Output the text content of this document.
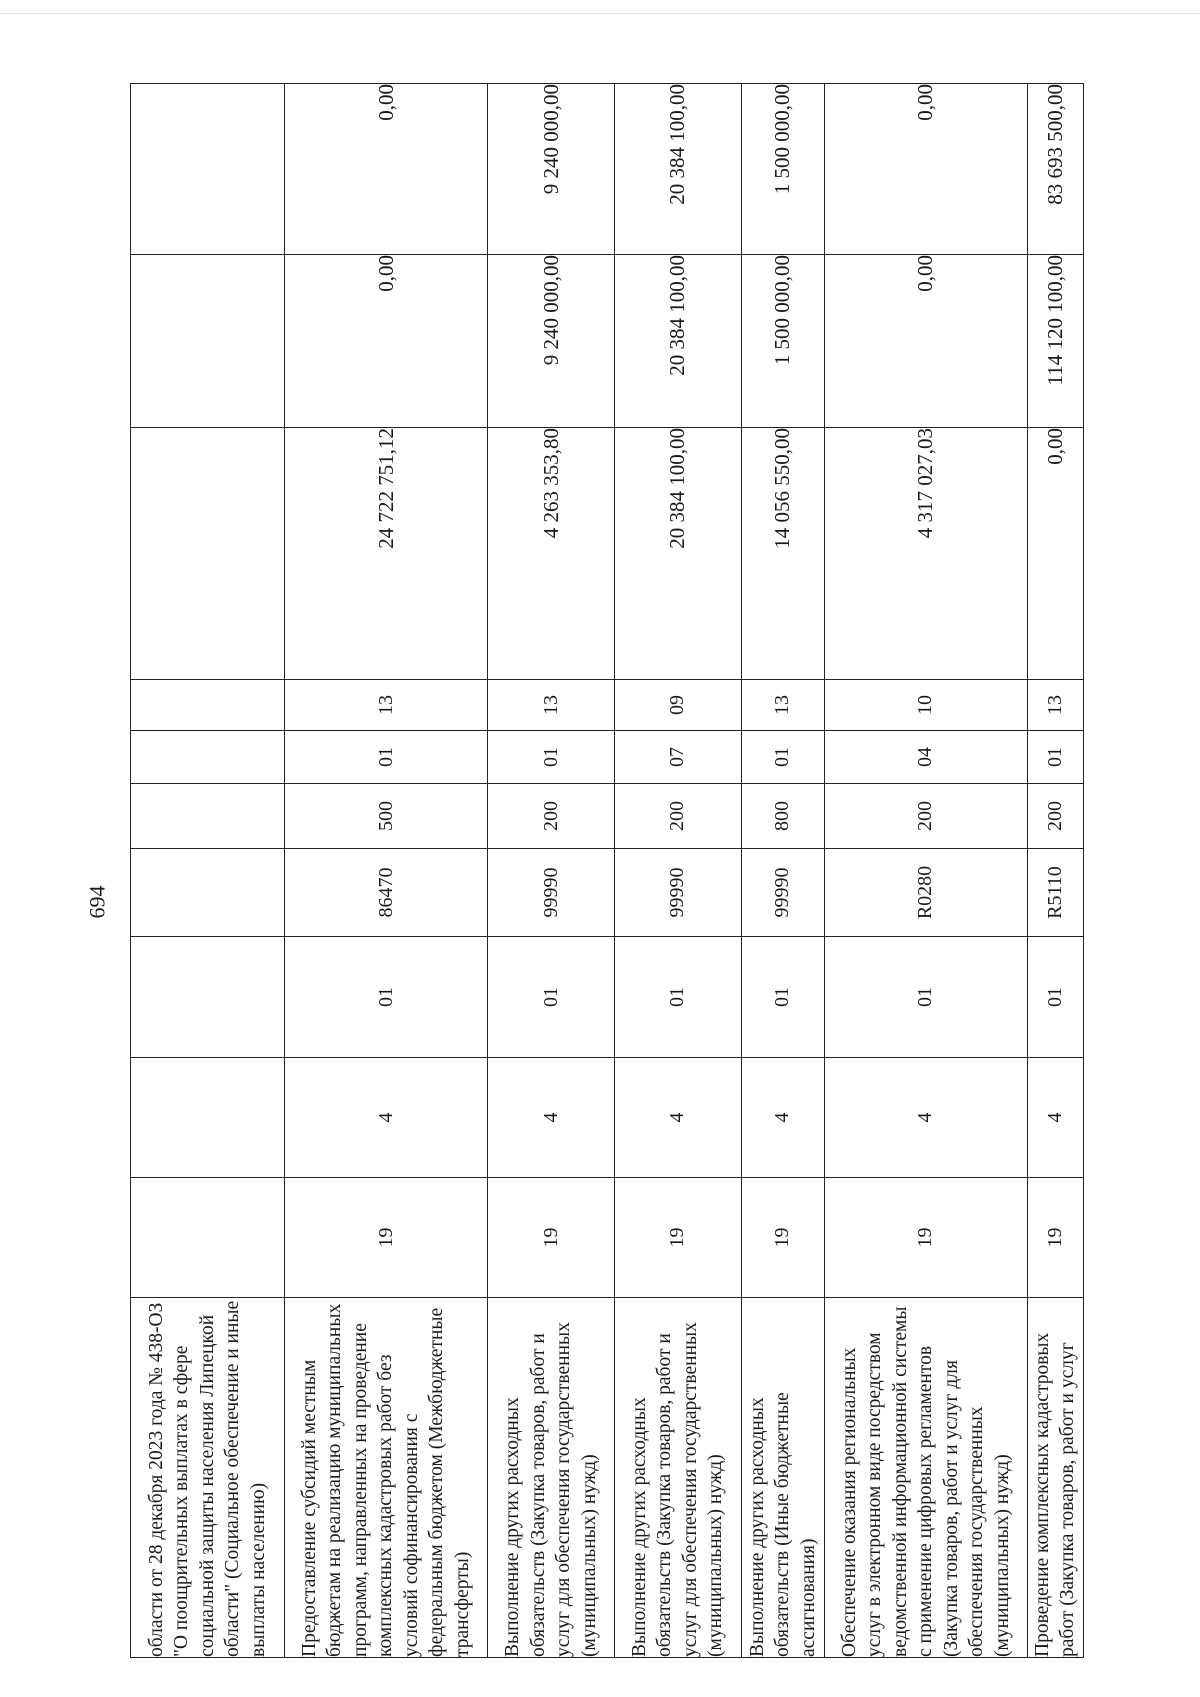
694
области от 28 декабря 2023 года № 438-ОЗ "О поощрительных выплатах в сфере социальной защиты населения Липецкой области" (Социальное обеспечение и иные выплаты населению)										
Предоставление субсидий местным бюджетам на реализацию муниципальных программ, направленных на проведение комплексных кадастровых работ без условий софинансирования с федеральным бюджетом (Межбюджетные трансферты)	19	4	01	86470	500	01	13	24 722 751,12	0,00	0,00
Выполнение других расходных обязательств (Закупка товаров, работ и услуг для обеспечения государственных (муниципальных) нужд)	19	4	01	99990	200	01	13	4 263 353,80	9 240 000,00	9 240 000,00
Выполнение других расходных обязательств (Закупка товаров, работ и услуг для обеспечения государственных (муниципальных) нужд)	19	4	01	99990	200	07	09	20 384 100,00	20 384 100,00	20 384 100,00
Выполнение других расходных обязательств (Иные бюджетные ассигнования)	19	4	01	99990	800	01	13	14 056 550,00	1 500 000,00	1 500 000,00
Обеспечение оказания региональных услуг в электронном виде посредством ведомственной информационной системы с применение цифровых регламентов (Закупка товаров, работ и услуг для обеспечения государственных (муниципальных) нужд)	19	4	01	R0280	200	04	10	4 317 027,03	0,00	0,00
Проведение комплексных кадастровых работ (Закупка товаров, работ и услуг	19	4	01	R5110	200	01	13	0,00	114 120 100,00	83 693 500,00
